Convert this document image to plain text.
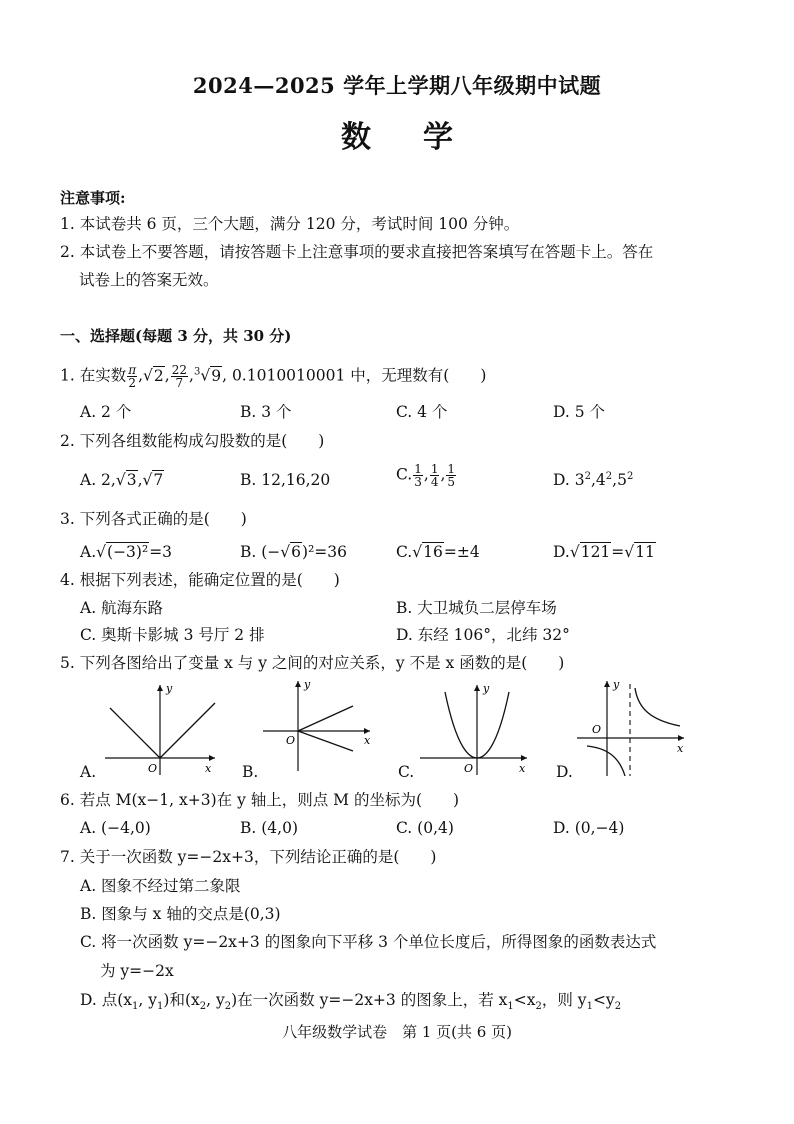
2024—2025 学年上学期八年级期中试题
数学
注意事项:
1. 本试卷共 6 页，三个大题，满分 120 分，考试时间 100 分钟。
2. 本试卷上不要答题，请按答题卡上注意事项的要求直接把答案填写在答题卡上。答在
试卷上的答案无效。
一、选择题(每题 3 分，共 30 分)
1. 在实数 $\frac{\pi}{2} ,√2$, $\frac{22}{7} ,^3√9$, 0.1010010001 中，无理数有(　　)
A. 2 个	B. 3 个	C. 4 个	D. 5 个
2. 下列各组数能构成勾股数的是(　　)
A. 2,√3,√7	B. 12,16,20	C. $\frac{1}{3}$ , $\frac{1}{4}$ , $\frac{1}{5}$	D. $3^2,4^2,5^2$
3. 下列各式正确的是(　　)
A.√(−3)²=3	B. (−√6)²=36	C.√16=±4	D.√121=√11
4. 根据下列表述，能确定位置的是(　　)
A. 航海东路	B. 大卫城负二层停车场
C. 奥斯卡影城 3 号厅 2 排	D. 东经 106°，北纬 32°
5. 下列各图给出了变量 x 与 y 之间的对应关系，y 不是 x 函数的是(　　)
y
x
O
A.
y
x
O
B.
y
x
O
C.
y
x
O
D.
6. 若点 M(x−1, x+3)在 y 轴上，则点 M 的坐标为(　　)
A. (−4,0)	B. (4,0)	C. (0,4)	D. (0,−4)
7. 关于一次函数 y=−2x+3，下列结论正确的是(　　)
A. 图象不经过第二象限
B. 图象与 x 轴的交点是(0,3)
C. 将一次函数 y=−2x+3 的图象向下平移 3 个单位长度后，所得图象的函数表达式
为 y=−2x
D. 点($x_1$, $y_1$)和($x_2$, $y_2$)在一次函数 y=−2x+3 的图象上，若 $x_1<x_2$，则 $y_1<y_2$
八年级数学试卷　第 1 页(共 6 页)
